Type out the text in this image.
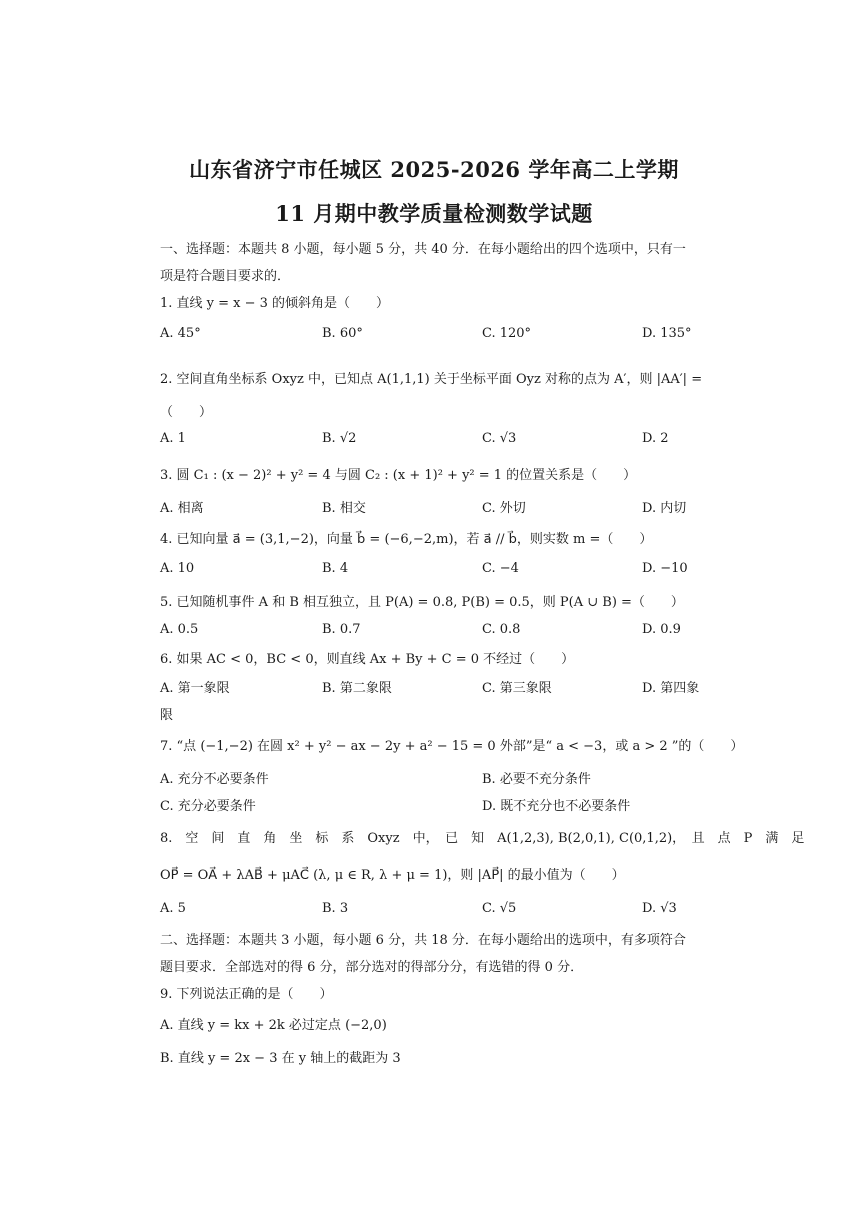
山东省济宁市任城区 2025-2026 学年高二上学期
11 月期中教学质量检测数学试题
一、选择题：本题共 8 小题，每小题 5 分，共 40 分．在每小题给出的四个选项中，只有一
项是符合题目要求的．
1. 直线 y = x − 3 的倾斜角是（　　）
A. 45°	B. 60°	C. 120°	D. 135°
2. 空间直角坐标系 Oxyz 中，已知点 A(1,1,1) 关于坐标平面 Oyz 对称的点为 A′，则 |AA′| =
（　　）
A. 1	B. √2	C. √3	D. 2
3. 圆 C₁ : (x − 2)² + y² = 4 与圆 C₂ : (x + 1)² + y² = 1 的位置关系是（　　）
A. 相离	B. 相交	C. 外切	D. 内切
4. 已知向量 a⃗ = (3,1,−2)，向量 b⃗ = (−6,−2,m)，若 a⃗ // b⃗，则实数 m =（　　）
A. 10	B. 4	C. −4	D. −10
5. 已知随机事件 A 和 B 相互独立，且 P(A) = 0.8, P(B) = 0.5，则 P(A ∪ B) =（　　）
A. 0.5	B. 0.7	C. 0.8	D. 0.9
6. 如果 AC < 0，BC < 0，则直线 Ax + By + C = 0 不经过（　　）
A. 第一象限	B. 第二象限	C. 第三象限	D. 第四象
限
7. “点 (−1,−2) 在圆 x² + y² − ax − 2y + a² − 15 = 0 外部”是“ a < −3，或 a > 2 ”的（　　）
A. 充分不必要条件	B. 必要不充分条件
C. 充分必要条件	D. 既不充分也不必要条件
8.　空　间　直　角　坐　标　系　Oxyz　中，　已　知　A(1,2,3), B(2,0,1), C(0,1,2)，　且　点　P　满　足
OP⃗ = OA⃗ + λAB⃗ + μAC⃗ (λ, μ ∈ R, λ + μ = 1)，则 |AP⃗| 的最小值为（　　）
A. 5	B. 3	C. √5	D. √3
二、选择题：本题共 3 小题，每小题 6 分，共 18 分．在每小题给出的选项中，有多项符合
题目要求．全部选对的得 6 分，部分选对的得部分分，有选错的得 0 分．
9. 下列说法正确的是（　　）
A. 直线 y = kx + 2k 必过定点 (−2,0)
B. 直线 y = 2x − 3 在 y 轴上的截距为 3
